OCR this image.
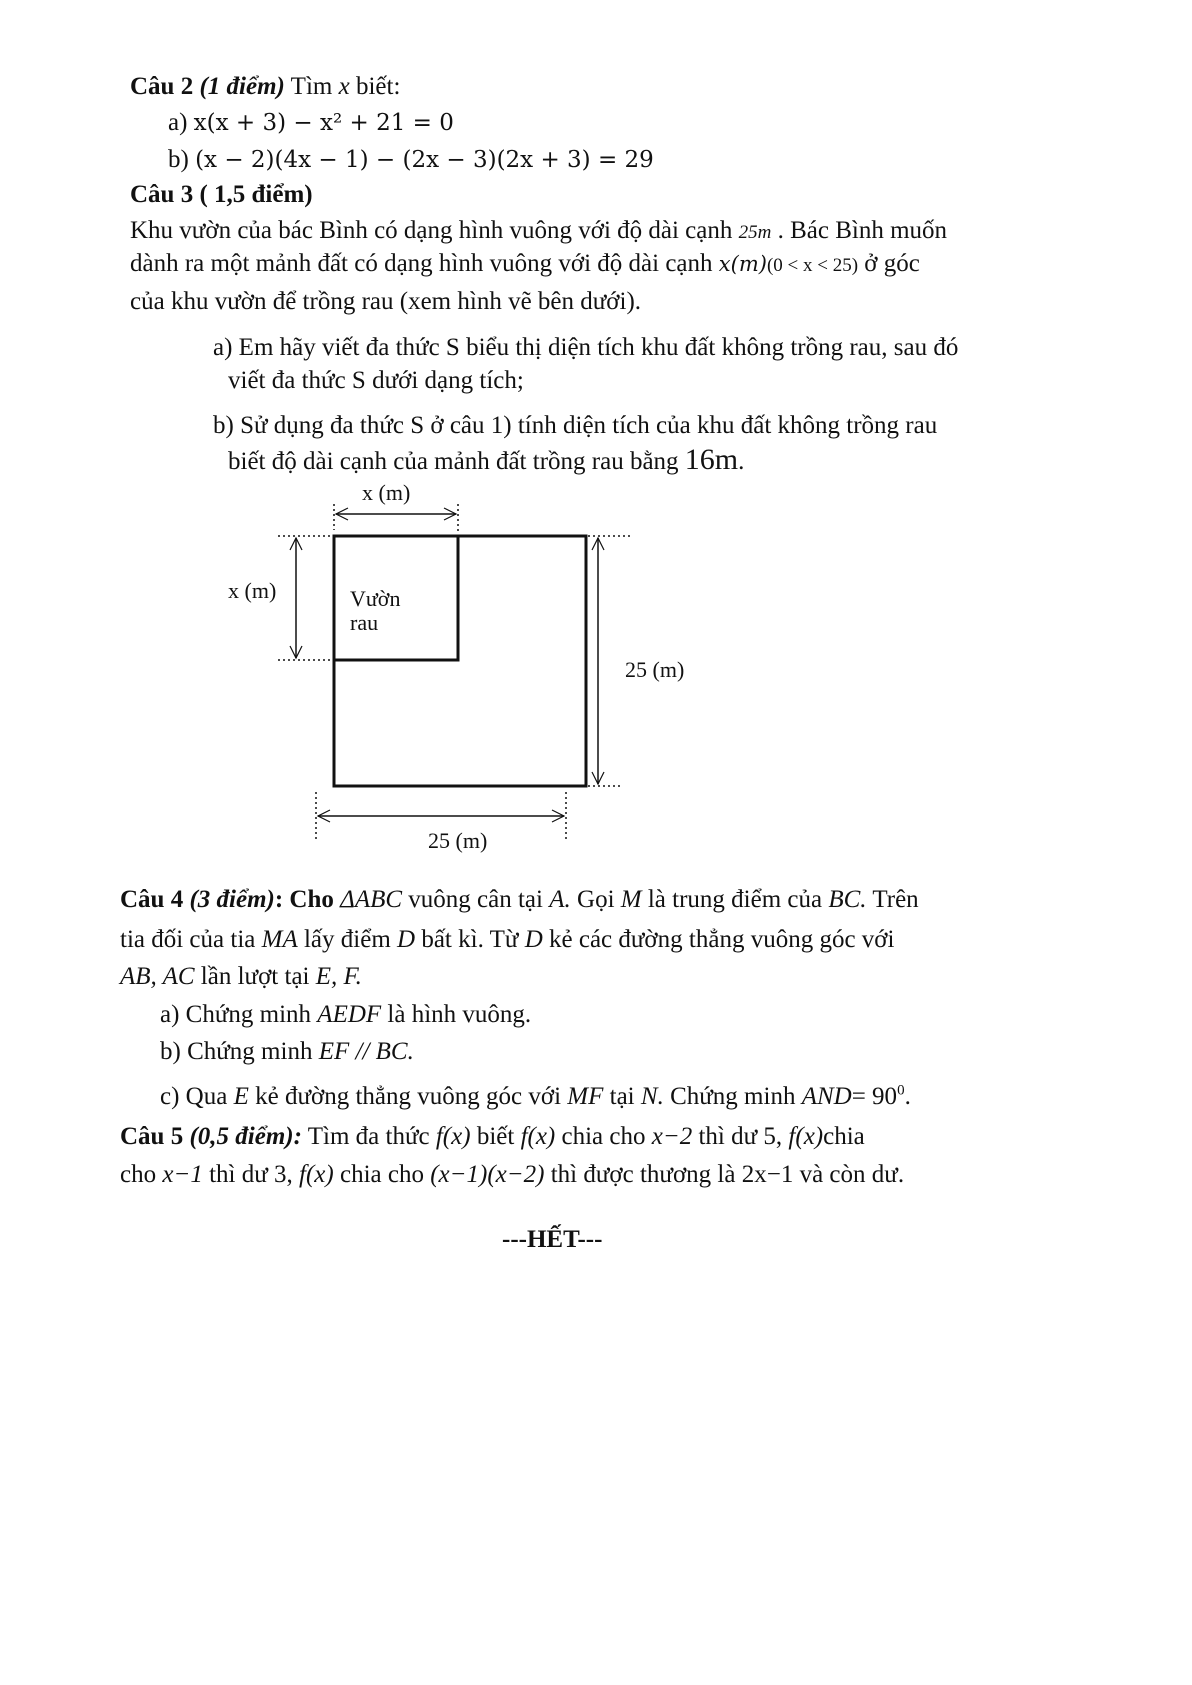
Câu 2 (1 điểm) Tìm x biết:
a) x(x + 3) − x² + 21 = 0
b) (x − 2)(4x − 1) − (2x − 3)(2x + 3) = 29
Câu 3 ( 1,5 điểm)
Khu vườn của bác Bình có dạng hình vuông với độ dài cạnh 25m . Bác Bình muốn
dành ra một mảnh đất có dạng hình vuông với độ dài cạnh x(m)(0 < x < 25) ở góc
của khu vườn để trồng rau (xem hình vẽ bên dưới).
a) Em hãy viết đa thức S biểu thị diện tích khu đất không trồng rau, sau đó
viết đa thức S dưới dạng tích;
b) Sử dụng đa thức S ở câu 1) tính diện tích của khu đất không trồng rau
biết độ dài cạnh của mảnh đất trồng rau bằng 16m.
x (m)
x (m)	Vườn
rau
25 (m)
25 (m)
Câu 4 (3 điểm): Cho ΔABC vuông cân tại A. Gọi M là trung điểm của BC. Trên
tia đối của tia MA lấy điểm D bất kì. Từ D kẻ các đường thẳng vuông góc với
AB, AC lần lượt tại E, F.
a) Chứng minh AEDF là hình vuông.
b) Chứng minh EF // BC.
c) Qua E kẻ đường thẳng vuông góc với MF tại N. Chứng minh $AND= 90^0$.
Câu 5 (0,5 điểm): Tìm đa thức f(x) biết f(x) chia cho x−2 thì dư 5, f(x)chia
cho x−1 thì dư 3, f(x) chia cho (x−1)(x−2) thì được thương là 2x−1 và còn dư.
---HẾT---
